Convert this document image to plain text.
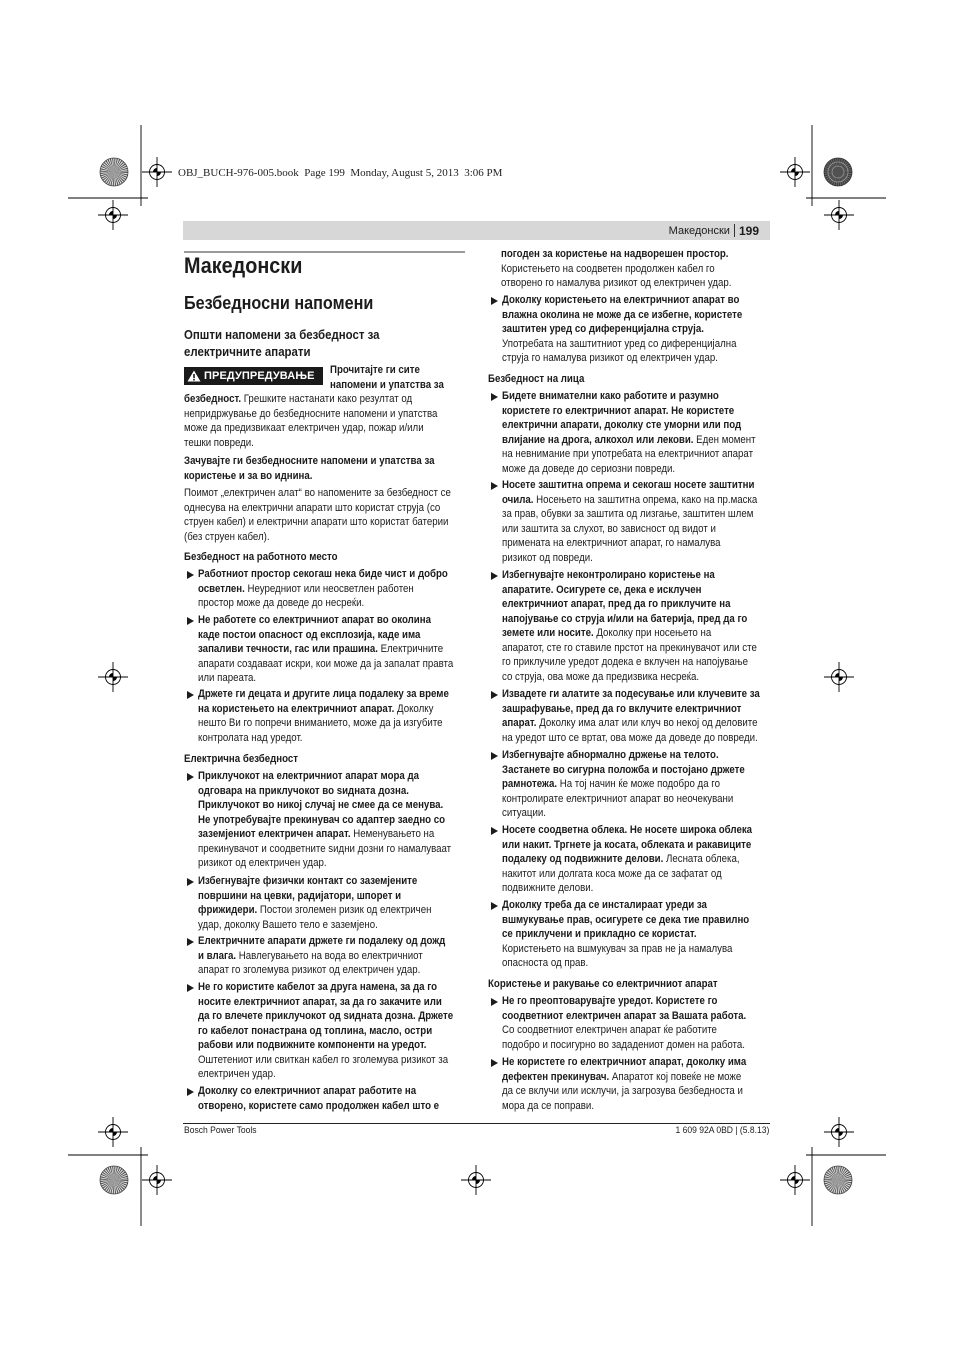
OBJ_BUCH-976-005.book  Page 199  Monday, August 5, 2013  3:06 PM
Македонски 199
Македонски
Безбедносни напомени
Општи напомени за безбедност за
електричните апарати
ПРЕДУПРЕДУВАЊЕ Прочитајте ги сите
напомени и упатства за
безбедност. Грешките настанати како резултат од
непридржување до безбедносните напомени и упатства
може да предизвикаат електричен удар, пожар и/или
тешки повреди.
Зачувајте ги безбедносните напомени и упатства за
користење и за во иднина.
Поимот „електричен алат“ во напомените за безбедност се
однесува на електрични апарати што користат струја (со
струен кабел) и електрични апарати што користат батерии
(без струен кабел).
Безбедност на работното место
Работниот простор секогаш нека биде чист и добро
осветлен. Неуредниот или неосветлен работен
простор може да доведе до несреќи.
Не работете со електричниот апарат во околина
каде постои опасност од експлозија, каде има
запаливи течности, гас или прашина. Електричните
апарати создаваат искри, кои може да ја запалат правта
или пареата.
Држете ги децата и другите лица подалеку за време
на користењето на електричниот апарат. Доколку
нешто Ви го попречи вниманието, може да ја изгубите
контролата над уредот.
Електрична безбедност
Приклучокот на електричниот апарат мора да
одговара на приклучокот во ѕидната дозна.
Приклучокот во никој случај не смее да се менува.
Не употребувајте прекинувач со адаптер заедно со
заземјениот електричен апарат. Неменувањето на
прекинувачот и соодветните ѕидни дозни го намалуваат
ризикот од електричен удар.
Избегнувајте физички контакт со заземјените
површини на цевки, радијатори, шпорет и
фрижидери. Постои зголемен ризик од електричен
удар, доколку Вашето тело е заземјено.
Електричните апарати држете ги подалеку од дожд
и влага. Навлегувањето на вода во електричниот
апарат го зголемува ризикот од електричен удар.
Не го користите кабелот за друга намена, за да го
носите електричниот апарат, за да го закачите или
да го влечете приклучокот од ѕидната дозна. Држете
го кабелот понастрана од топлина, масло, остри
рабови или подвижните компоненти на уредот.
Оштетениот или свиткан кабел го зголемува ризикот за
електричен удар.
Доколку со електричниот апарат работите на
отворено, користете само продолжен кабел што е
погоден за користење на надворешен простор.
Користењето на соодветен продолжен кабел го
отворено го намалува ризикот од електричен удар.
Доколку користењето на електричниот апарат во
влажна околина не може да се избегне, користете
заштитен уред со диференцијална струја.
Употребата на заштитниот уред со диференцијална
струја го намалува ризикот од електричен удар.
Безбедност на лица
Бидете внимателни како работите и разумно
користете го електричниот апарат. Не користете
електрични апарати, доколку сте уморни или под
влијание на дрога, алкохол или лекови. Еден момент
на невнимание при употребата на електричниот апарат
може да доведе до сериозни повреди.
Носете заштитна опрема и секогаш носете заштитни
очила. Носењето на заштитна опрема, како на пр.маска
за прав, обувки за заштита од лизгање, заштитен шлем
или заштита за слухот, во зависност од видот и
примената на електричниот апарат, го намалува
ризикот од повреди.
Избегнувајте неконтролирано користење на
апаратите. Осигурете се, дека е исклучен
електричниот апарат, пред да го приклучите на
напојување со струја и/или на батерија, пред да го
земете или носите. Доколку при носењето на
апаратот, сте го ставиле прстот на прекинувачот или сте
го приклучиле уредот додека е вклучен на напојување
со струја, ова може да предизвика несреќа.
Извадете ги алатите за подесување или клучевите за
зашрафување, пред да го вклучите електричниот
апарат. Доколку има алат или клуч во некој од деловите
на уредот што се вртат, ова може да доведе до повреди.
Избегнувајте абнормално држење на телото.
Застанете во сигурна положба и постојано држете
рамнотежа. На тој начин ќе може подобро да го
контролирате електричниот апарат во неочекувани
ситуации.
Носете соодветна облека. Не носете широка облека
или накит. Тргнете ја косата, облеката и ракавиците
подалеку од подвижните делови. Лесната облека,
накитот или долгата коса може да се зафатат од
подвижните делови.
Доколку треба да се инсталираат уреди за
вшмукување прав, осигурете се дека тие правилно
се приклучени и прикладно се користат.
Користењето на вшмукувач за прав не ја намалува
опасноста од прав.
Користење и ракување со електричниот апарат
Не го преоптоварувајте уредот. Користете го
соодветниот електричен апарат за Вашата работа.
Со соодветниот електричен апарат ќе работите
подобро и посигурно во зададениот домен на работа.
Не користете го електричниот апарат, доколку има
дефектен прекинувач. Апаратот кој повеќе не може
да се вклучи или исклучи, ја загрозува безбедноста и
мора да се поправи.
Bosch Power Tools	1 609 92A 0BD | (5.8.13)
